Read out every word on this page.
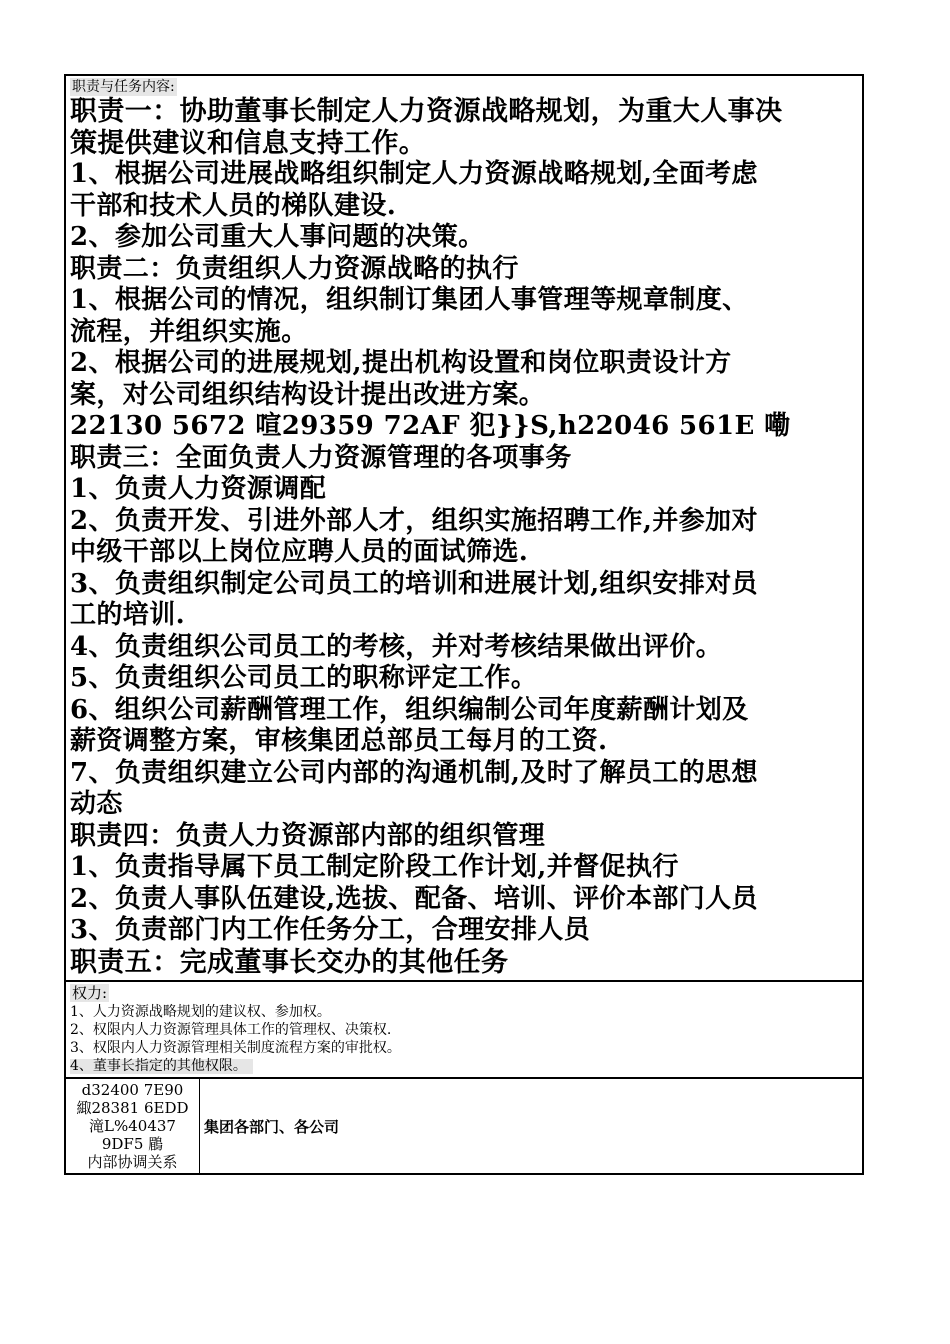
职责与任务内容:
职责一：协助董事长制定人力资源战略规划，为重大人事决
策提供建议和信息支持工作。
1、根据公司进展战略组织制定人力资源战略规划,全面考虑
干部和技术人员的梯队建设.
2、参加公司重大人事问题的决策。
职责二：负责组织人力资源战略的执行
1、根据公司的情况，组织制订集团人事管理等规章制度、
流程，并组织实施。
2、根据公司的进展规划,提出机构设置和岗位职责设计方
案，对公司组织结构设计提出改进方案。
22130 5672 喧29359 72AF 犯}}S,h22046 561E 嘞
职责三：全面负责人力资源管理的各项事务
1、负责人力资源调配
2、负责开发、引进外部人才，组织实施招聘工作,并参加对
中级干部以上岗位应聘人员的面试筛选.
3、负责组织制定公司员工的培训和进展计划,组织安排对员
工的培训.
4、负责组织公司员工的考核，并对考核结果做出评价。
5、负责组织公司员工的职称评定工作。
6、组织公司薪酬管理工作，组织编制公司年度薪酬计划及
薪资调整方案，审核集团总部员工每月的工资.
7、负责组织建立公司内部的沟通机制,及时了解员工的思想
动态
职责四：负责人力资源部内部的组织管理
1、负责指导属下员工制定阶段工作计划,并督促执行
2、负责人事队伍建设,选拔、配备、培训、评价本部门人员
3、负责部门内工作任务分工，合理安排人员
职责五：完成董事长交办的其他任务
权力:
1、人力资源战略规划的建议权、参加权。
2、权限内人力资源管理具体工作的管理权、决策权.
3、权限内人力资源管理相关制度流程方案的审批权。
4、董事长指定的其他权限。
d32400 7E90
緅28381 6EDD
滝L%40437
9DF5 鶥
内部协调关系
集团各部门、各公司
